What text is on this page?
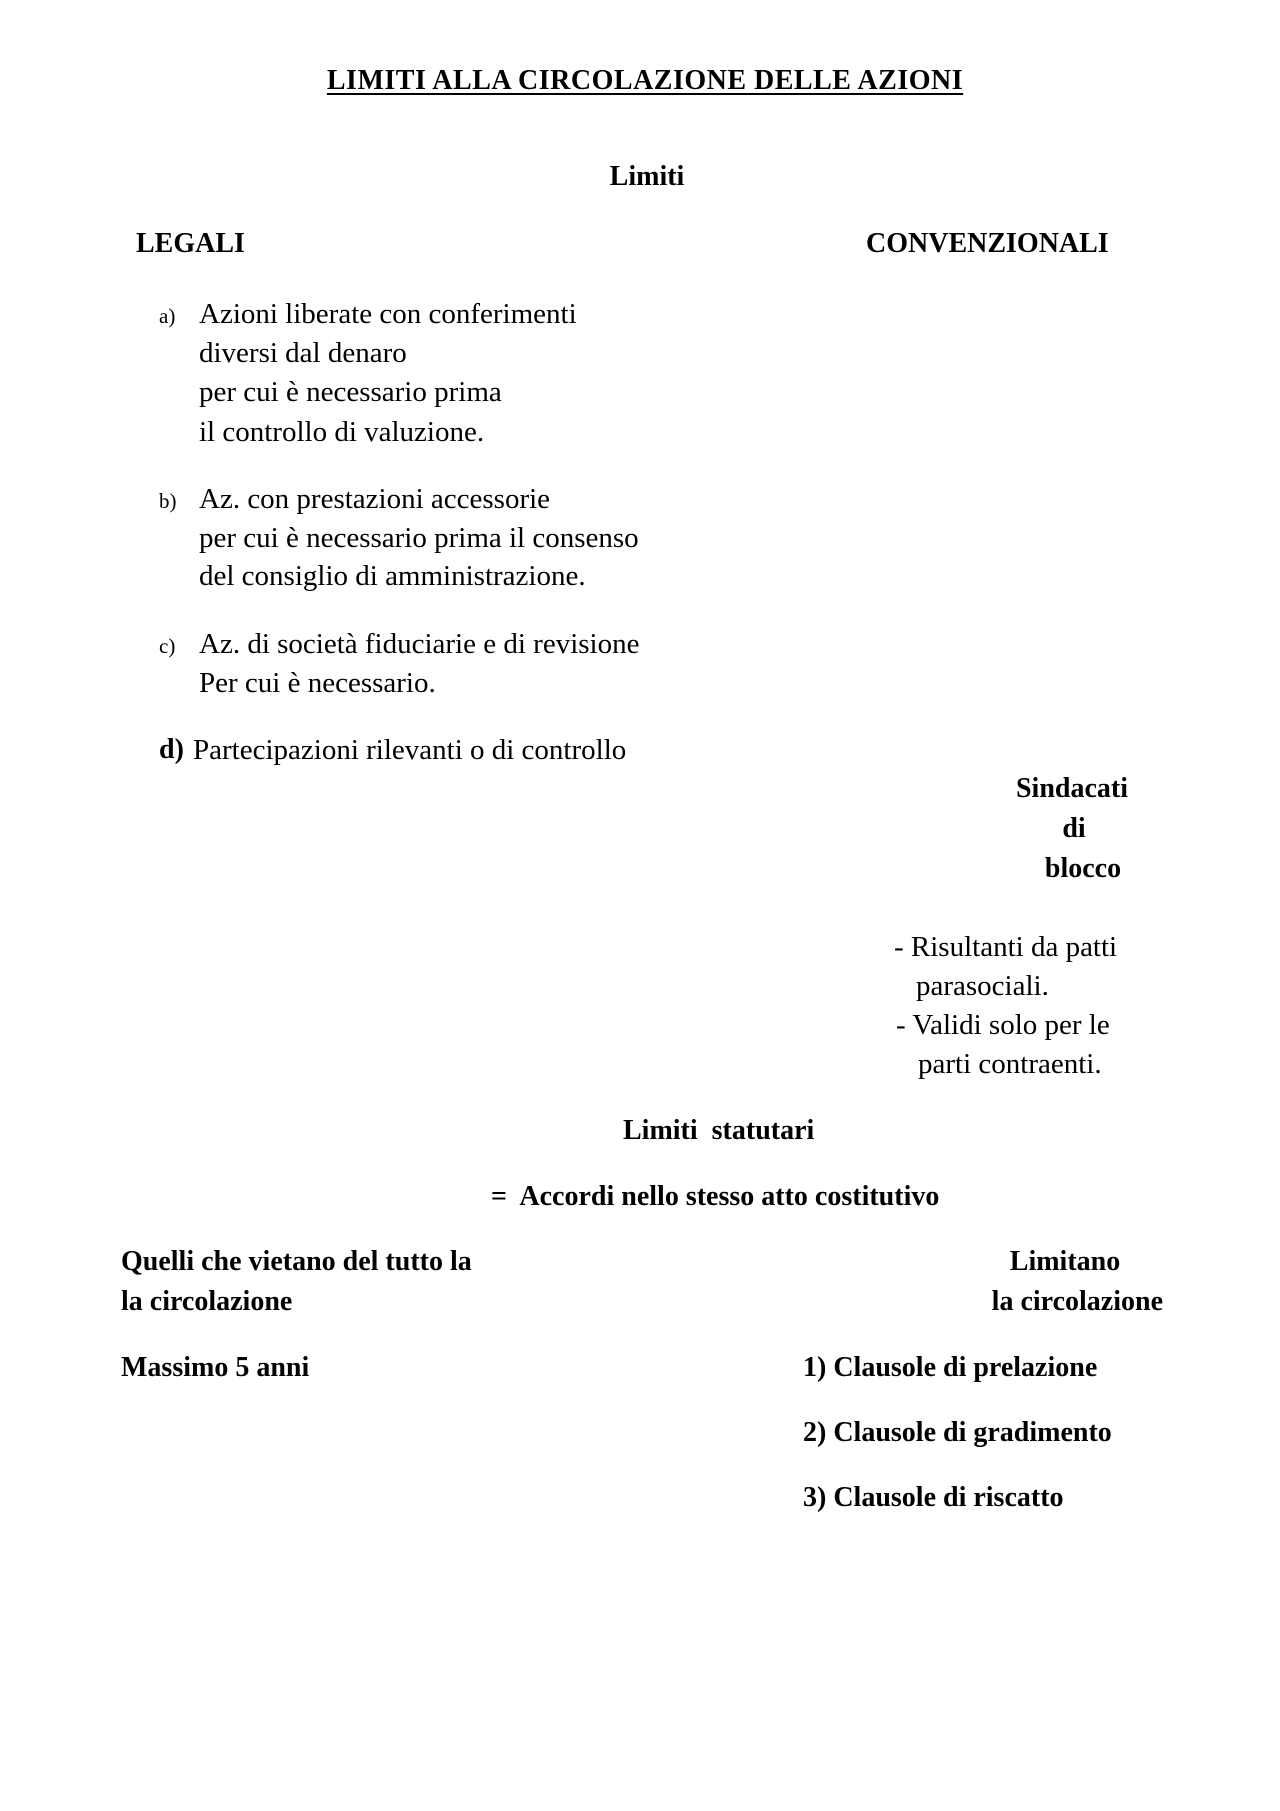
LIMITI ALLA CIRCOLAZIONE DELLE AZIONI
Limiti
LEGALI	CONVENZIONALI
a) Azioni liberate con conferimenti
diversi dal denaro
per cui è necessario prima
il controllo di valuzione.
b) Az. con prestazioni accessorie
per cui è necessario prima il consenso
del consiglio di amministrazione.
c) Az. di società fiduciarie e di revisione
Per cui è necessario.
d) Partecipazioni rilevanti o di controllo
Sindacati
di
blocco
- Risultanti da patti
parasociali.
- Validi solo per le
parti contraenti.
Limiti  statutari
=  Accordi nello stesso atto costitutivo
Quelli che vietano del tutto la
la circolazione
Massimo 5 anni
Limitano
la circolazione
1) Clausole di prelazione
2) Clausole di gradimento
3) Clausole di riscatto
